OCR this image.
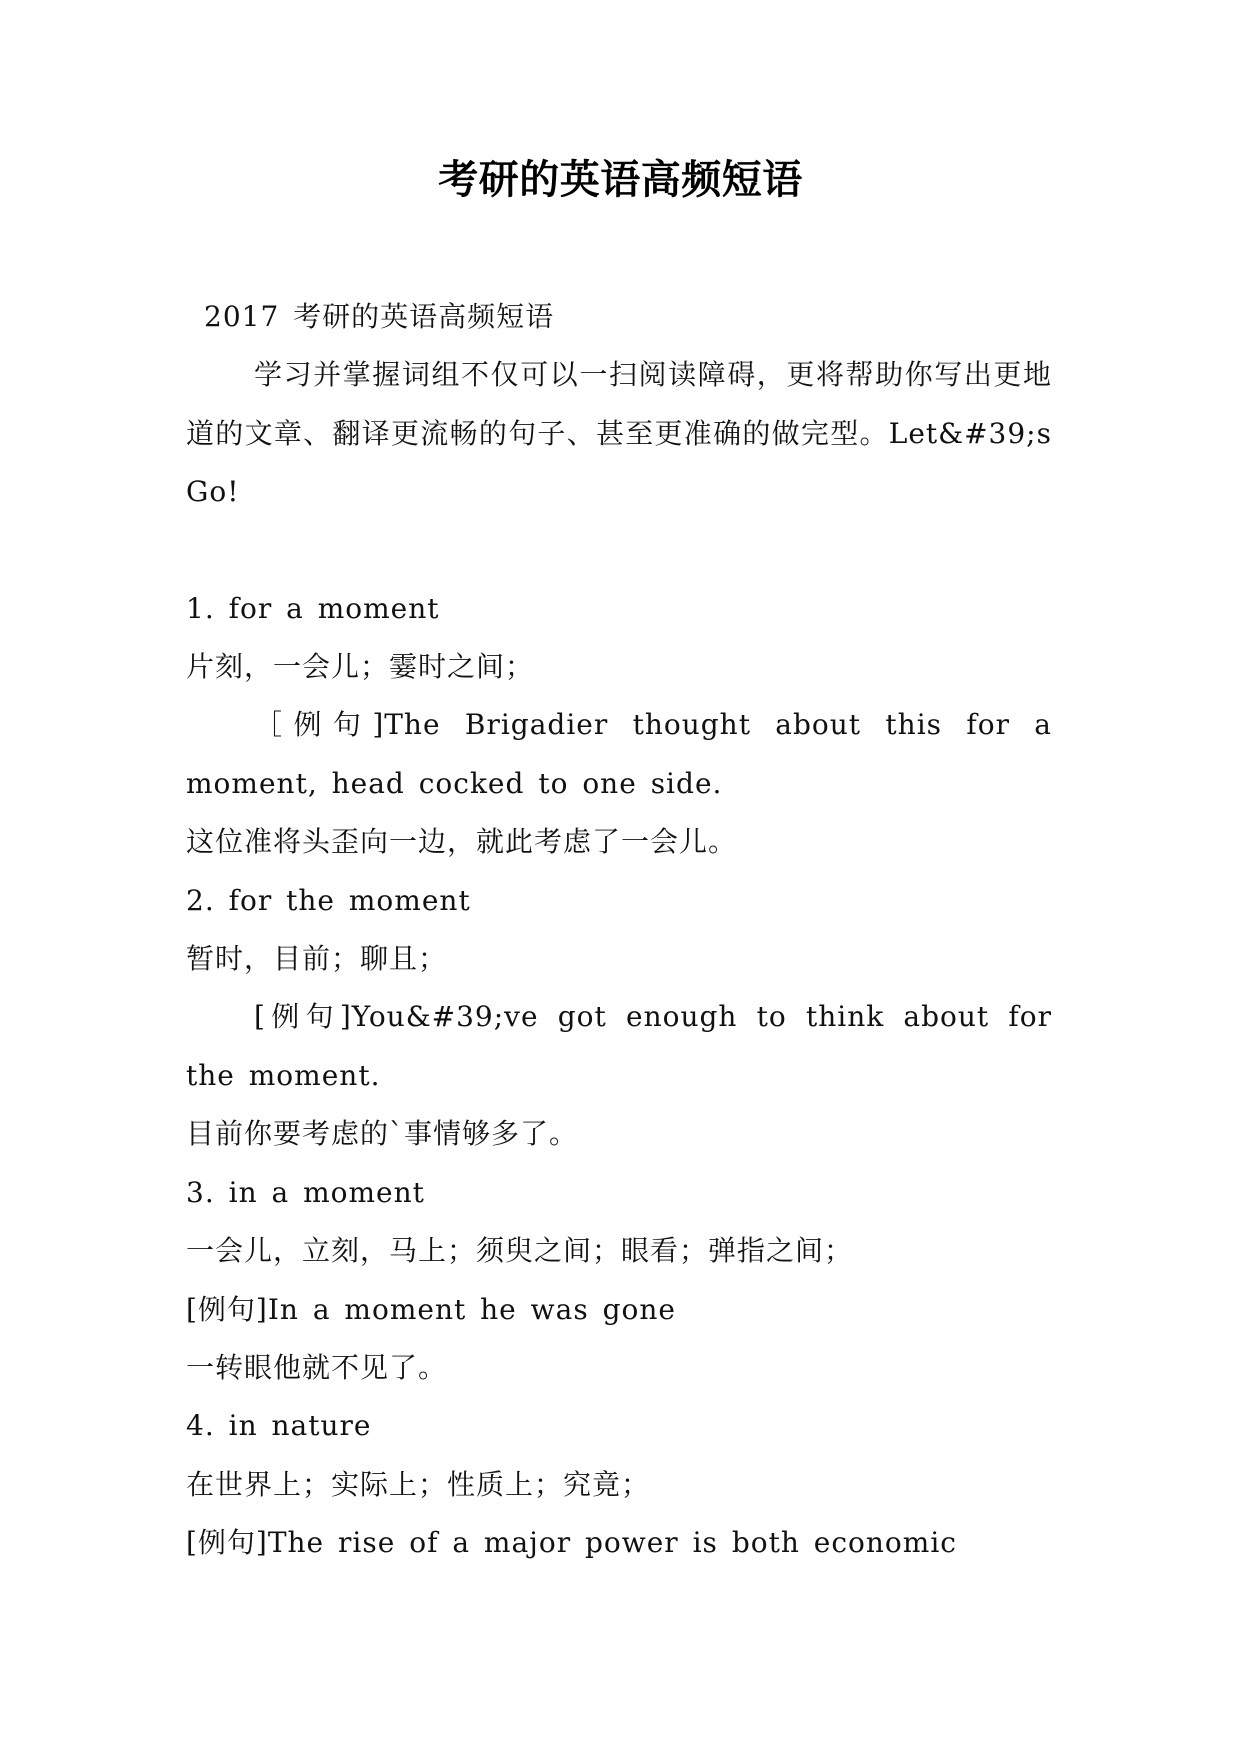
考研的英语高频短语

2017 考研的英语高频短语

学习并掌握词组不仅可以一扫阅读障碍，更将帮助你写出更地道的文章、翻译更流畅的句子、甚至更准确的做完型。Let&#39;s Go!

1. for a moment

片刻，一会儿；霎时之间；

［例句]The Brigadier thought about this for a moment, head cocked to one side.

这位准将头歪向一边，就此考虑了一会儿。

2. for the moment

暂时，目前；聊且；

[例句]You&#39;ve got enough to think about for the moment.

目前你要考虑的`事情够多了。

3. in a moment

一会儿，立刻，马上；须臾之间；眼看；弹指之间；

[例句]In a moment he was gone

一转眼他就不见了。

4. in nature

在世界上；实际上；性质上；究竟；

[例句]The rise of a major power is both economic
